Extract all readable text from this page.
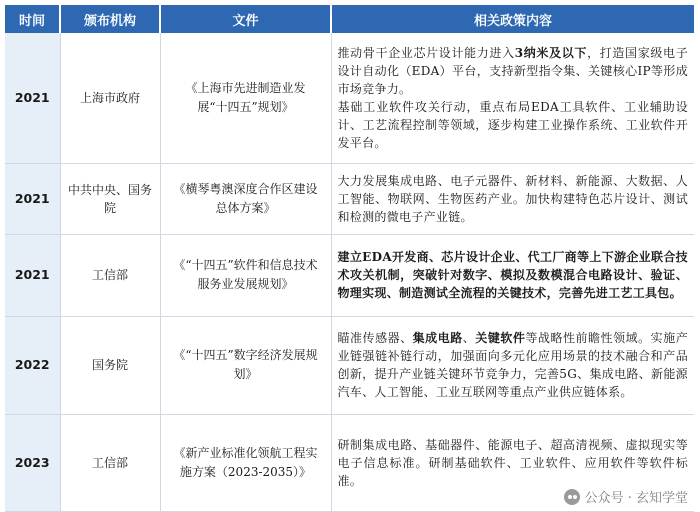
时间	颁布机构	文件	相关政策内容
2021	上海市政府	《上海市先进制造业发展“十四五”规划》	推动骨干企业芯片设计能力进入3纳米及以下，打造国家级电子设计自动化（EDA）平台，支持新型指令集、关键核心IP等形成市场竞争力。
基础工业软件攻关行动，重点布局EDA工具软件、工业辅助设计、工艺流程控制等领域，逐步构建工业操作系统、工业软件开发平台。
2021	中共中央、国务院	《横琴粤澳深度合作区建设总体方案》	大力发展集成电路、电子元器件、新材料、新能源、大数据、人工智能、物联网、生物医药产业。加快构建特色芯片设计、测试和检测的微电子产业链。
2021	工信部	《“十四五”软件和信息技术服务业发展规划》	建立EDA开发商、芯片设计企业、代工厂商等上下游企业联合技术攻关机制，突破针对数字、模拟及数模混合电路设计、验证、物理实现、制造测试全流程的关键技术，完善先进工艺工具包。
2022	国务院	《“十四五”数字经济发展规划》	瞄准传感器、集成电路、关键软件等战略性前瞻性领域。实施产业链强链补链行动，加强面向多元化应用场景的技术融合和产品创新，提升产业链关键环节竞争力，完善5G、集成电路、新能源汽车、人工智能、工业互联网等重点产业供应链体系。
2023	工信部	《新产业标准化领航工程实施方案（2023-2035）》	研制集成电路、基础器件、能源电子、超高清视频、虚拟现实等电子信息标准。研制基础软件、工业软件、应用软件等软件标准。
公众号 · 玄知学堂
